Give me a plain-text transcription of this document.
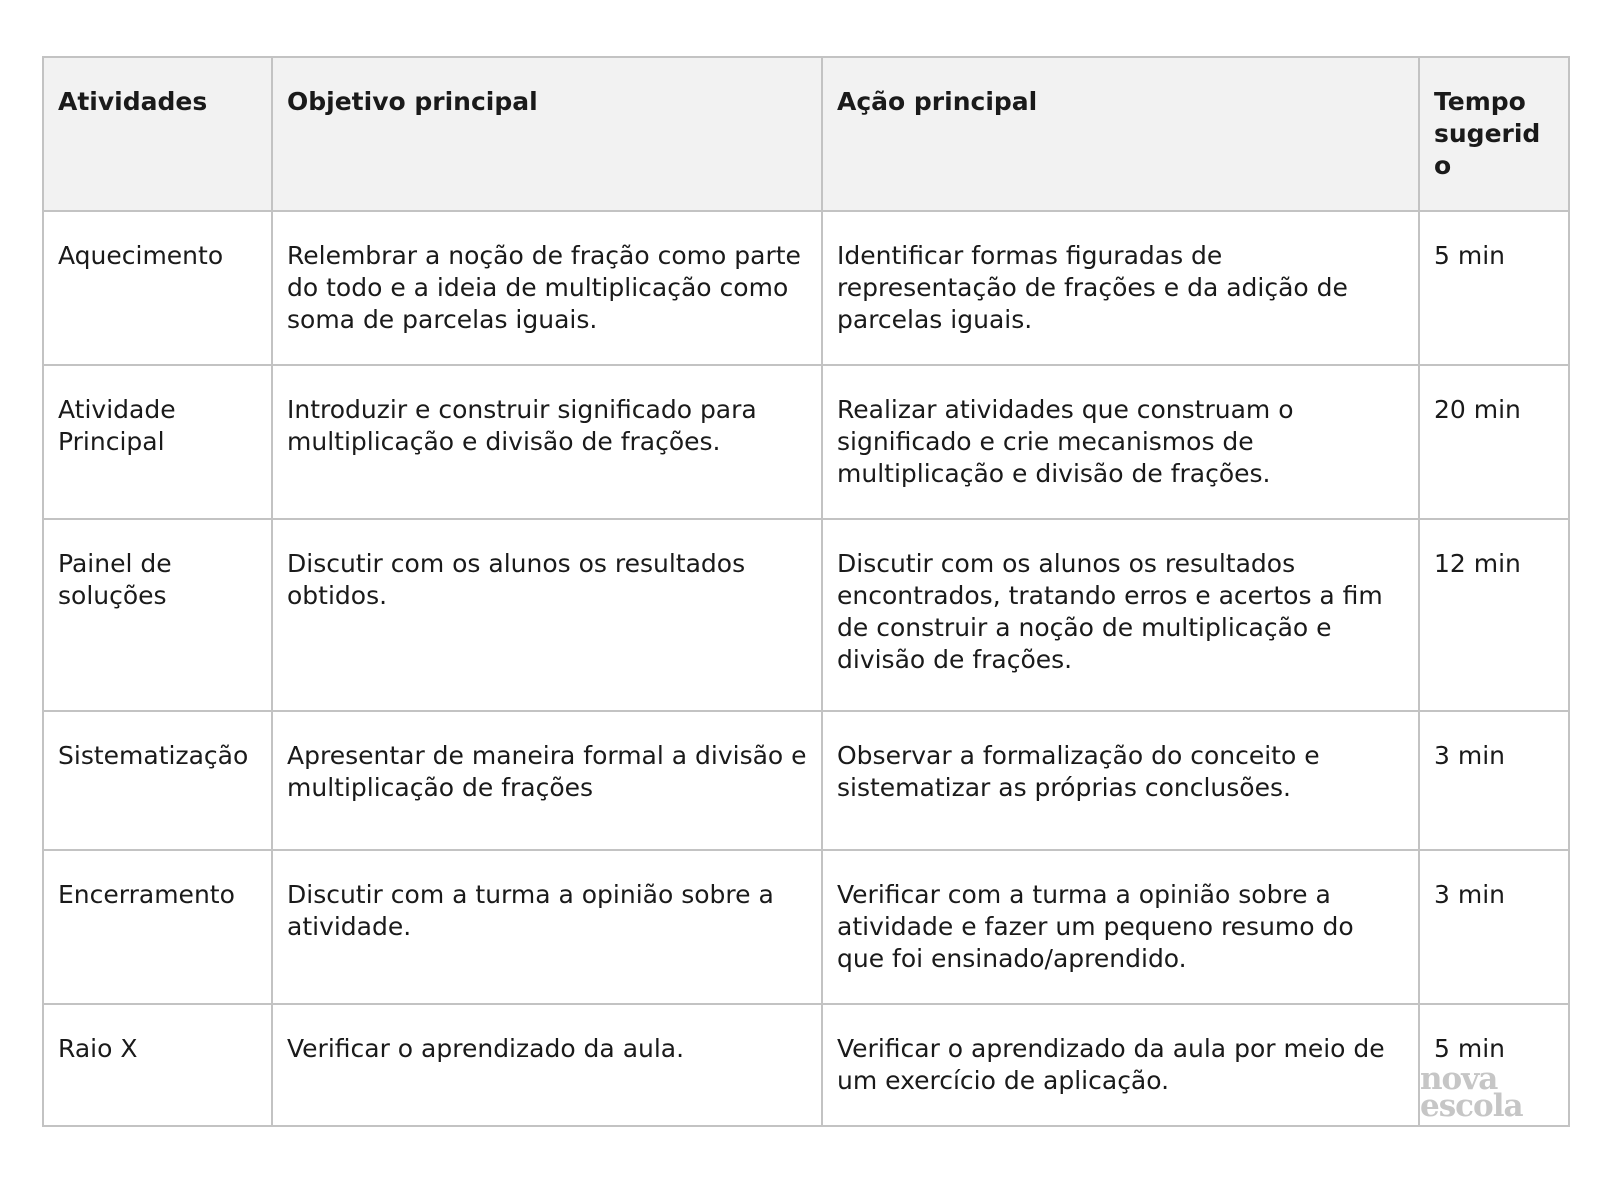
Atividades	Objetivo principal	Ação principal	Tempo sugerido
Aquecimento	Relembrar a noção de fração como parte do todo e a ideia de multiplicação como soma de parcelas iguais.	Identificar formas figuradas de representação de frações e da adição de parcelas iguais.	5 min
Atividade Principal	Introduzir e construir significado para multiplicação e divisão de frações.	Realizar atividades que construam o significado e crie mecanismos de multiplicação e divisão de frações.	20 min
Painel de soluções	Discutir com os alunos os resultados obtidos.	Discutir com os alunos os resultados encontrados, tratando erros e acertos a fim de construir a noção de multiplicação e divisão de frações.	12 min
Sistematização	Apresentar de maneira formal a divisão e multiplicação de frações	Observar a formalização do conceito e sistematizar as próprias conclusões.	3 min
Encerramento	Discutir com a turma a opinião sobre a atividade.	Verificar com a turma a opinião sobre a atividade e fazer um pequeno resumo do que foi ensinado/aprendido.	3 min
Raio X	Verificar o aprendizado da aula.	Verificar o aprendizado da aula por meio de um exercício de aplicação.	5 min
nova
escola
